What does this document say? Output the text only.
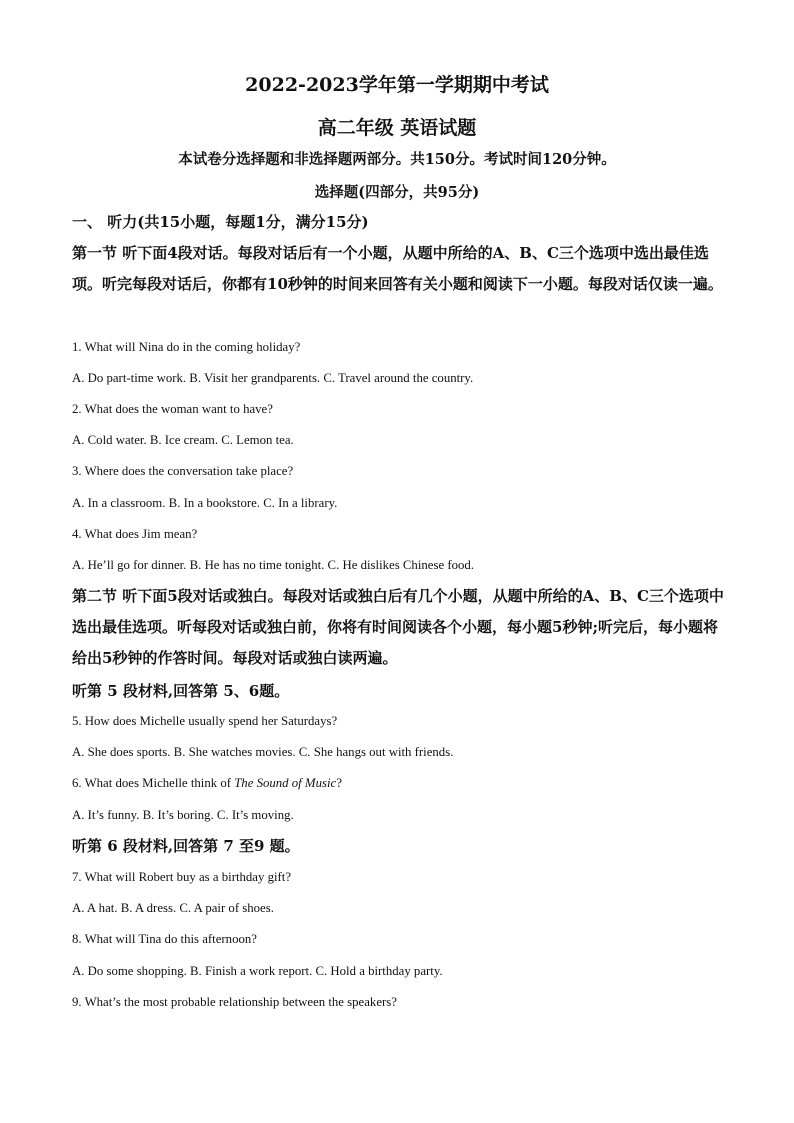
2022-2023学年第一学期期中考试
高二年级 英语试题
本试卷分选择题和非选择题两部分。共150分。考试时间120分钟。
选择题(四部分，共95分)
一、 听力(共15小题，每题1分，满分15分)
第一节 听下面4段对话。每段对话后有一个小题，从题中所给的A、B、C三个选项中选出最佳选项。听完每段对话后，你都有10秒钟的时间来回答有关小题和阅读下一小题。每段对话仅读一遍。
1. What will Nina do in the coming holiday?
A. Do part-time work. B. Visit her grandparents. C. Travel around the country.
2. What does the woman want to have?
A. Cold water. B. Ice cream. C. Lemon tea.
3. Where does the conversation take place?
A. In a classroom. B. In a bookstore. C. In a library.
4. What does Jim mean?
A. He’ll go for dinner. B. He has no time tonight. C. He dislikes Chinese food.
第二节 听下面5段对话或独白。每段对话或独白后有几个小题，从题中所给的A、B、C三个选项中选出最佳选项。听每段对话或独白前，你将有时间阅读各个小题，每小题5秒钟;听完后，每小题将给出5秒钟的作答时间。每段对话或独白读两遍。
听第 5 段材料,回答第 5、6题。
5. How does Michelle usually spend her Saturdays?
A. She does sports. B. She watches movies. C. She hangs out with friends.
6. What does Michelle think of The Sound of Music?
A. It’s funny. B. It’s boring. C. It’s moving.
听第 6 段材料,回答第 7 至9 题。
7. What will Robert buy as a birthday gift?
A. A hat. B. A dress. C. A pair of shoes.
8. What will Tina do this afternoon?
A. Do some shopping. B. Finish a work report. C. Hold a birthday party.
9. What’s the most probable relationship between the speakers?
